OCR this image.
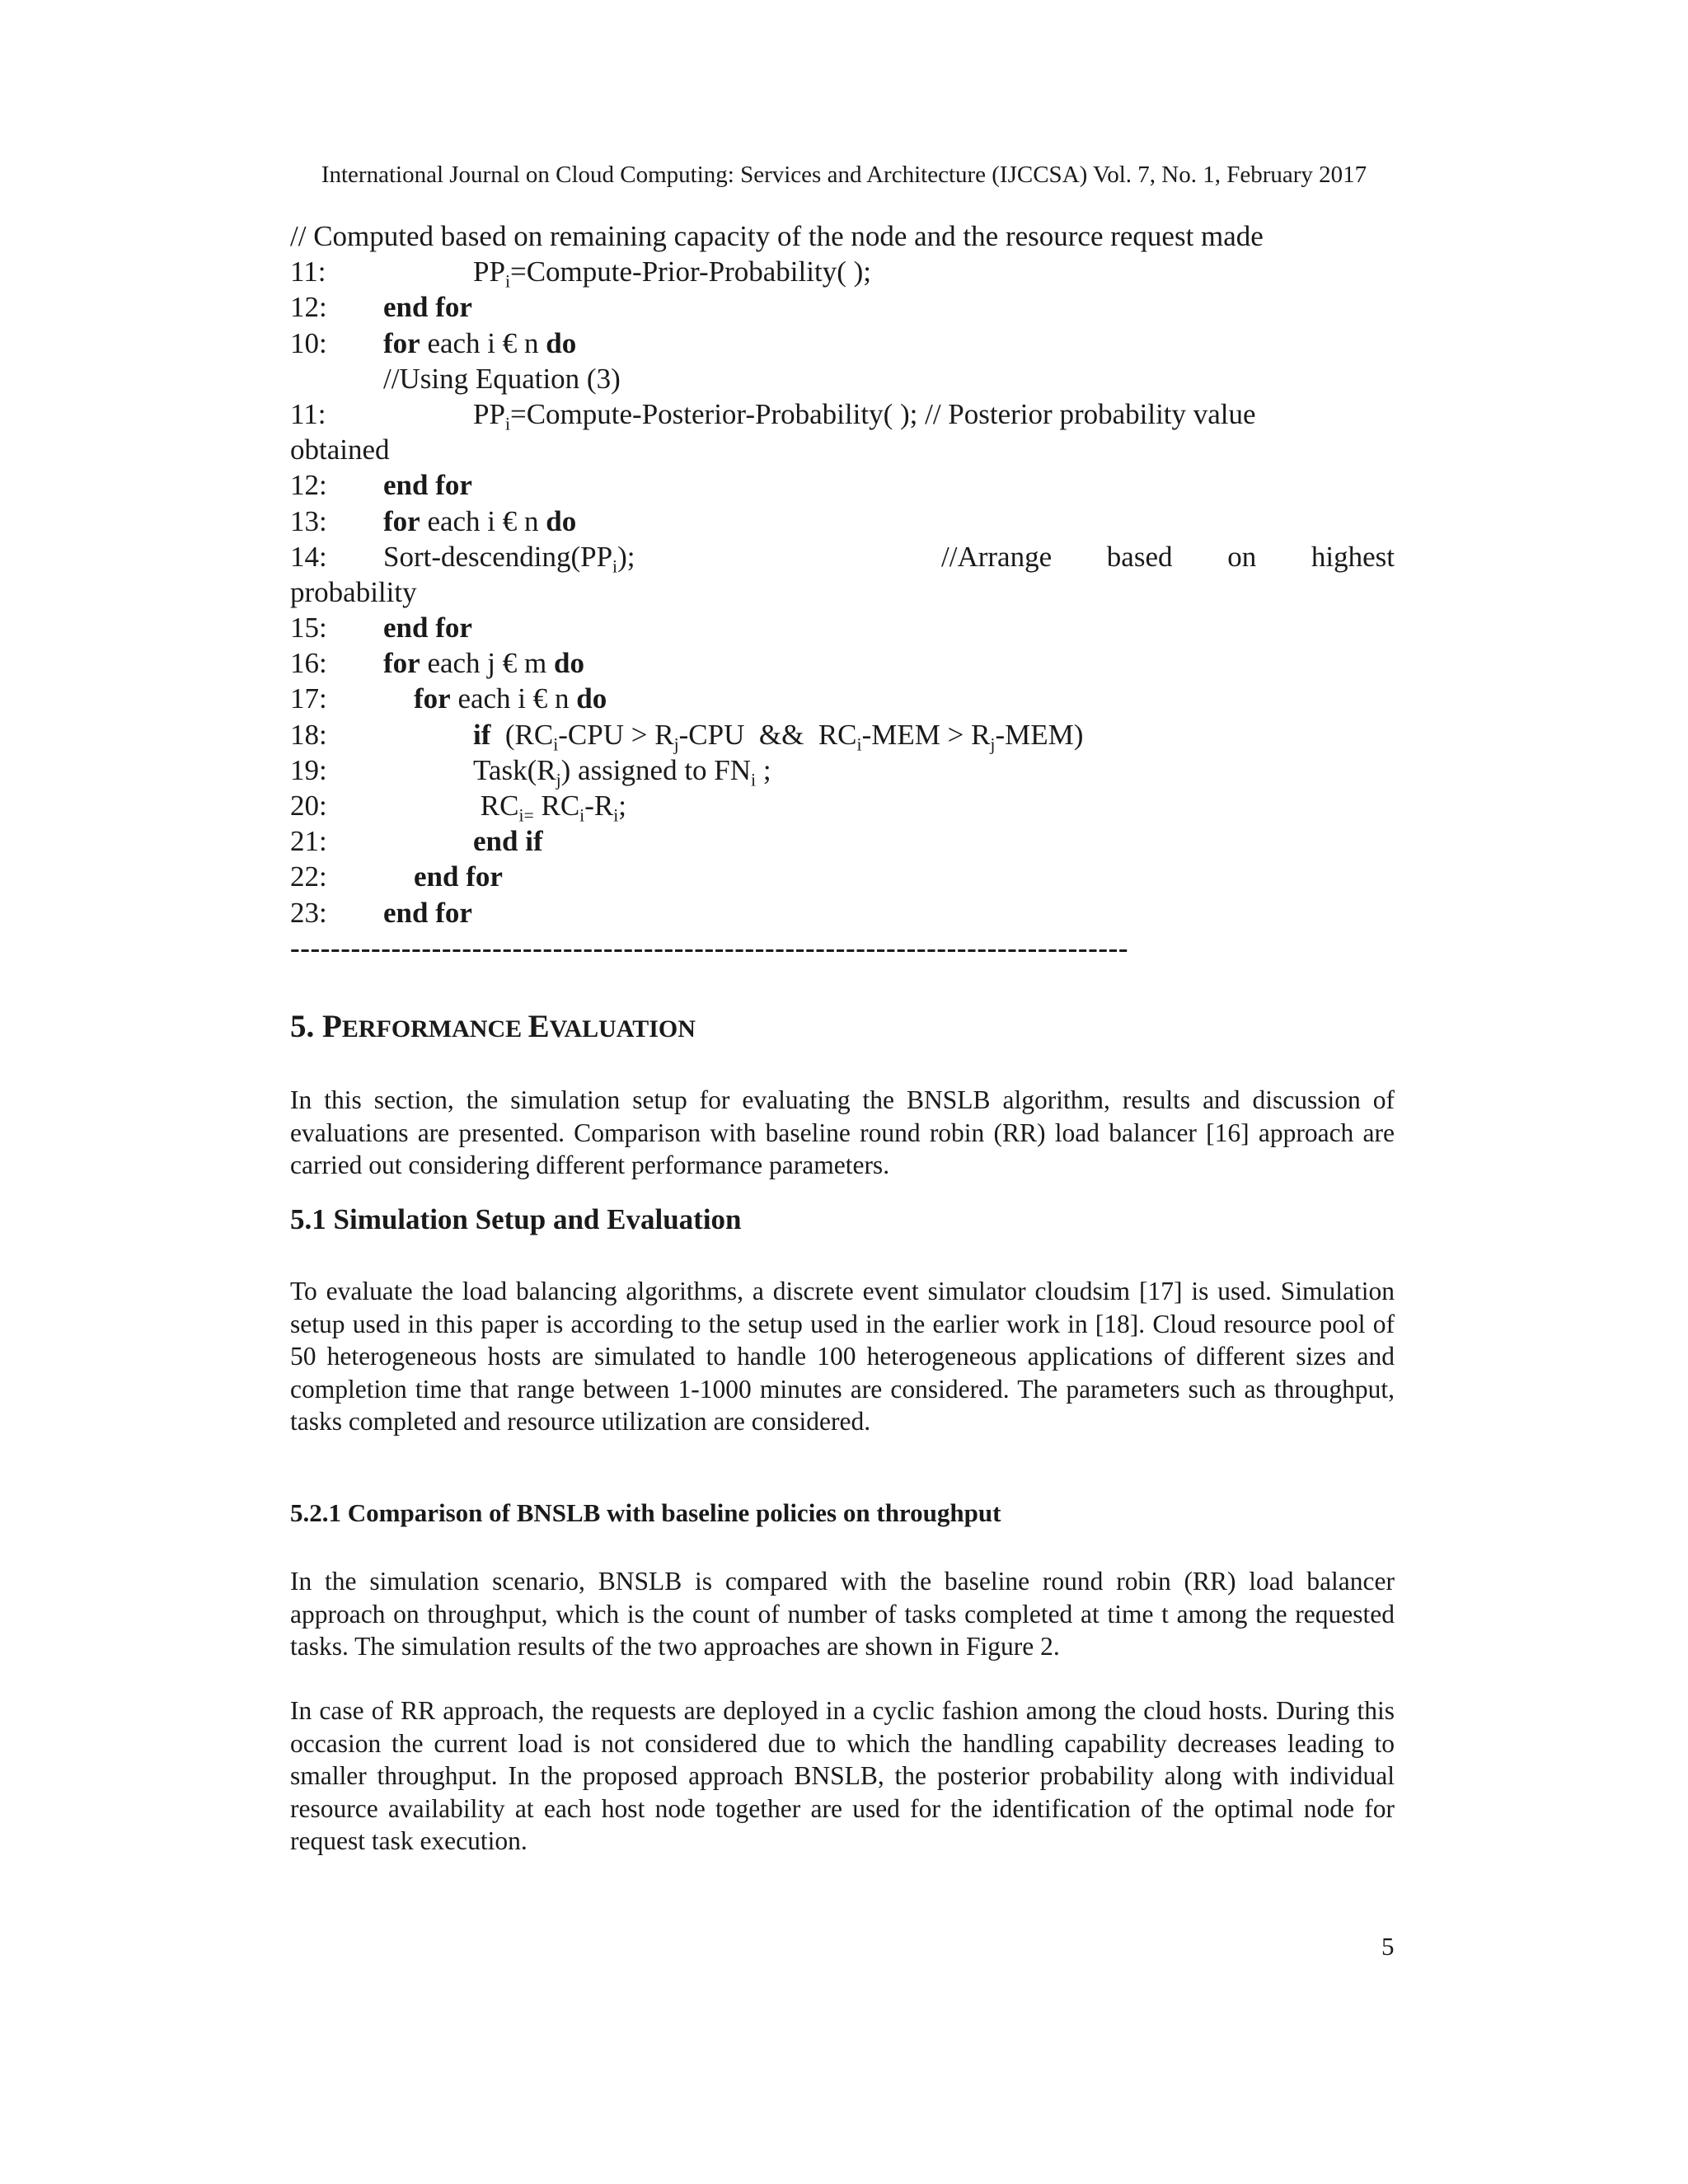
International Journal on Cloud Computing: Services and Architecture (IJCCSA) Vol. 7, No. 1, February 2017
// Computed based on remaining capacity of the node and the resource request made
11:	$PP_i=Compute-Prior-Probability$( );
12: end for
10: for each i € n do
//Using Equation (3)
11:	$PP_i=Compute-Posterior-Probability$( ); // Posterior probability value
obtained
12: end for
13: for each i € n do
14: Sort-$descending(PP_i)$;	//Arrange based on highest
probability
15: end for
16: for each j € m do
17:	for each i € n do
18:	if  ($RC_i$-CPU > $R_j$-CPU  &&  $RC_i$-MEM > $R_j-MEM$)
19:	$Task(R_j)$ assigned to $FN_i$ ;
20:	$RC_{i=}$ $RC_i-R_i$;
21:	end if
22:	end for
23: end for
-----------------------------------------------------------------------------------
5. PERFORMANCE EVALUATION

In this section, the simulation setup for evaluating the BNSLB algorithm, results and discussion of evaluations are presented. Comparison with baseline round robin (RR) load balancer [16] approach are carried out considering different performance parameters.

5.1 Simulation Setup and Evaluation

To evaluate the load balancing algorithms, a discrete event simulator cloudsim [17] is used. Simulation setup used in this paper is according to the setup used in the earlier work in [18]. Cloud resource pool of 50 heterogeneous hosts are simulated to handle 100 heterogeneous applications of different sizes and completion time that range between 1-1000 minutes are considered. The parameters such as throughput, tasks completed and resource utilization are considered.

5.2.1 Comparison of BNSLB with baseline policies on throughput

In the simulation scenario, BNSLB is compared with the baseline round robin (RR) load balancer approach on throughput, which is the count of number of tasks completed at time t among the requested tasks. The simulation results of the two approaches are shown in Figure 2.

In case of RR approach, the requests are deployed in a cyclic fashion among the cloud hosts. During this occasion the current load is not considered due to which the handling capability decreases leading to smaller throughput. In the proposed approach BNSLB, the posterior probability along with individual resource availability at each host node together are used for the identification of the optimal node for request task execution.

5
